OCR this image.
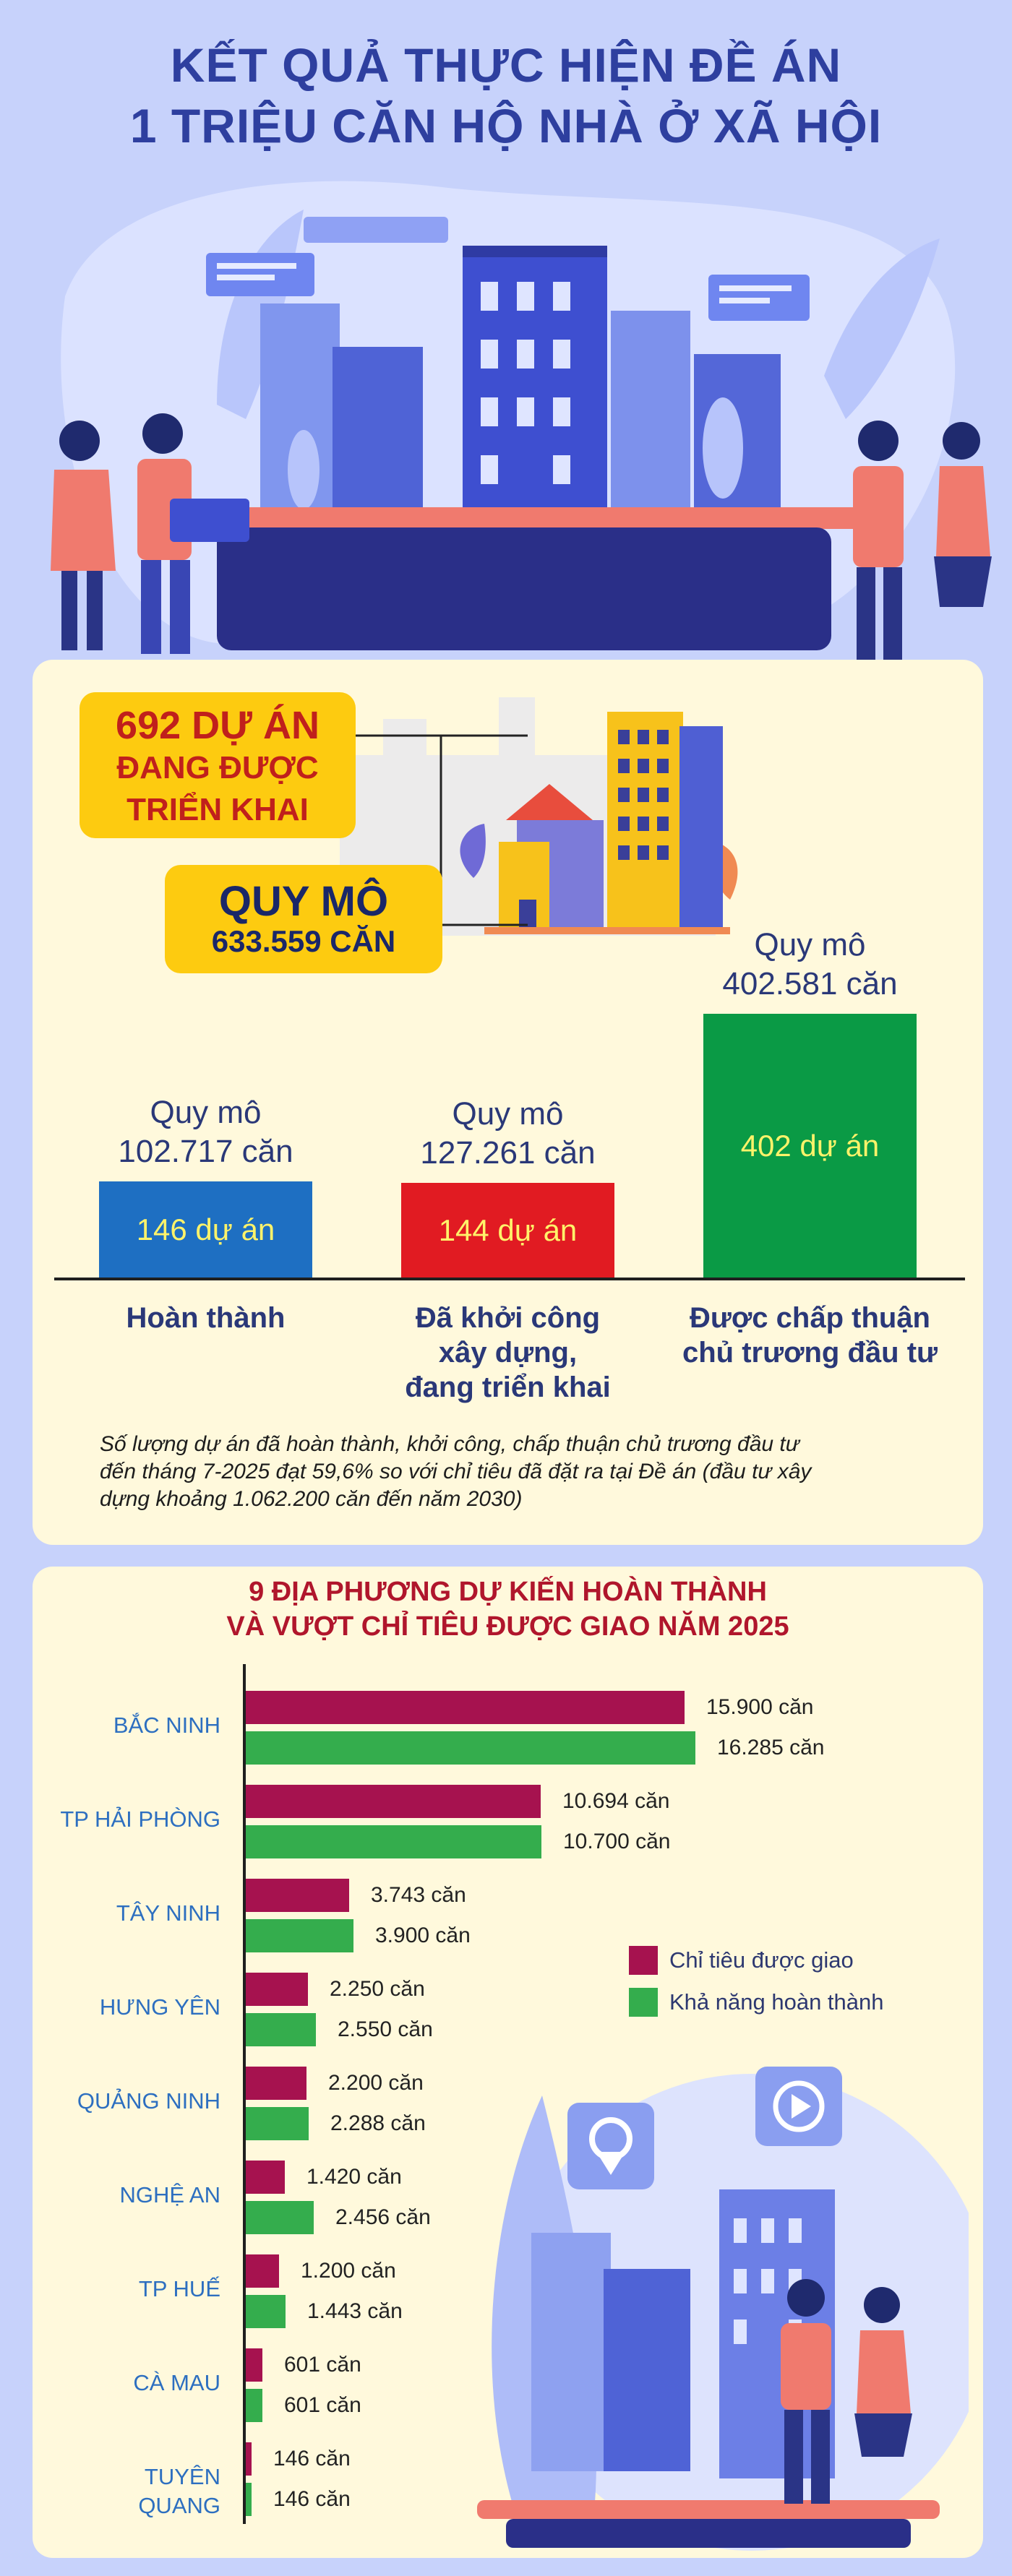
KẾT QUẢ THỰC HIỆN ĐỀ ÁN
1 TRIỆU CĂN HỘ NHÀ Ở XÃ HỘI
692 DỰ ÁN
ĐANG ĐƯỢC
TRIỂN KHAI
QUY MÔ
633.559 CĂN
Số lượng dự án đã hoàn thành, khởi công, chấp thuận chủ trương đầu tư
đến tháng 7-2025 đạt 59,6% so với chỉ tiêu đã đặt ra tại Đề án (đầu tư xây
dựng khoảng 1.062.200 căn đến năm 2030)
9 ĐỊA PHƯƠNG DỰ KIẾN HOÀN THÀNH
VÀ VƯỢT CHỈ TIÊU ĐƯỢC GIAO NĂM 2025
Chỉ tiêu được giao
Khả năng hoàn thành
146 dự án
Quy mô
102.717 căn
Hoàn thành
144 dự án
Quy mô
127.261 căn
Đã khởi công
xây dựng,
đang triển khai
402 dự án
Quy mô
402.581 căn
Được chấp thuận
chủ trương đầu tư
BẮC NINH
15.900 căn
16.285 căn
TP HẢI PHÒNG
10.694 căn
10.700 căn
TÂY NINH
3.743 căn
3.900 căn
HƯNG YÊN
2.250 căn
2.550 căn
QUẢNG NINH
2.200 căn
2.288 căn
NGHỆ AN
1.420 căn
2.456 căn
TP HUẾ
1.200 căn
1.443 căn
CÀ MAU
601 căn
601 căn
TUYÊN QUANG
146 căn
146 căn
